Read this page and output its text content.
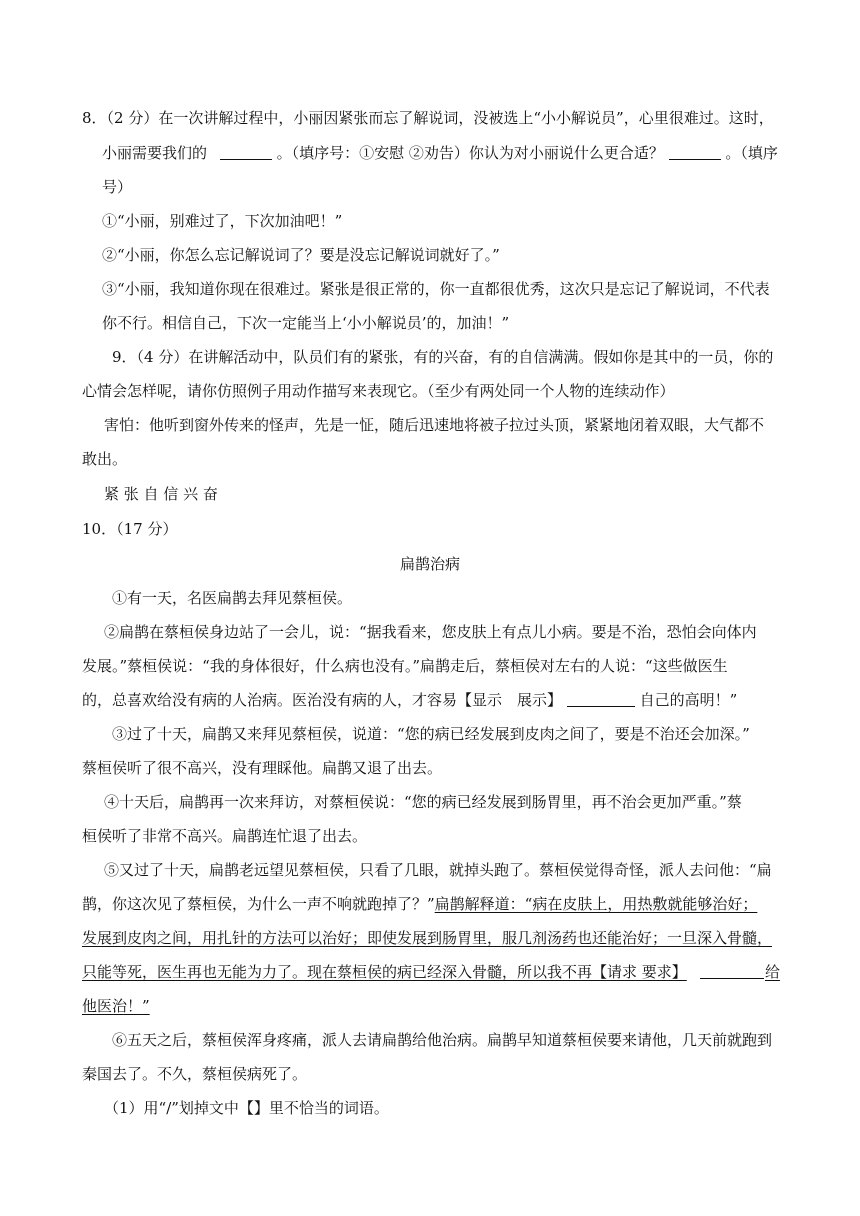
8．（2 分）在一次讲解过程中，小丽因紧张而忘了解说词，没被选上“小小解说员”，心里很难过。这时，
小丽需要我们的	。（填序号：①安慰 ②劝告）你认为对小丽说什么更合适？	。（填序
号）
①“小丽，别难过了，下次加油吧！”
②“小丽，你怎么忘记解说词了？要是没忘记解说词就好了。”
③“小丽，我知道你现在很难过。紧张是很正常的，你一直都很优秀，这次只是忘记了解说词，不代表
你不行。相信自己，下次一定能当上‘小小解说员’的，加油！”
9．（4 分）在讲解活动中，队员们有的紧张，有的兴奋，有的自信满满。假如你是其中的一员，你的
心情会怎样呢，请你仿照例子用动作描写来表现它。（至少有两处同一个人物的连续动作）
害怕：他听到窗外传来的怪声，先是一怔，随后迅速地将被子拉过头顶，紧紧地闭着双眼，大气都不
敢出。
紧 张 自 信 兴 奋
10．（17 分）
扁鹊治病
①有一天，名医扁鹊去拜见蔡桓侯。
②扁鹊在蔡桓侯身边站了一会儿，说：“据我看来，您皮肤上有点儿小病。要是不治，恐怕会向体内
发展。”蔡桓侯说：“我的身体很好，什么病也没有。”扁鹊走后，蔡桓侯对左右的人说：“这些做医生
的，总喜欢给没有病的人治病。医治没有病的人，才容易【显示　展示】	自己的高明！”
③过了十天，扁鹊又来拜见蔡桓侯，说道：“您的病已经发展到皮肉之间了，要是不治还会加深。”
蔡桓侯听了很不高兴，没有理睬他。扁鹊又退了出去。
④十天后，扁鹊再一次来拜访，对蔡桓侯说：“您的病已经发展到肠胃里，再不治会更加严重。”蔡
桓侯听了非常不高兴。扁鹊连忙退了出去。
⑤又过了十天，扁鹊老远望见蔡桓侯，只看了几眼，就掉头跑了。蔡桓侯觉得奇怪，派人去问他：“扁
鹊，你这次见了蔡桓侯，为什么一声不响就跑掉了？”扁鹊解释道：“病在皮肤上，用热敷就能够治好；
发展到皮肉之间，用扎针的方法可以治好；即使发展到肠胃里，服几剂汤药也还能治好；一旦深入骨髓，
只能等死，医生再也无能为力了。现在蔡桓侯的病已经深入骨髓，所以我不再【请求 要求】	给
他医治！”
⑥五天之后，蔡桓侯浑身疼痛，派人去请扁鹊给他治病。扁鹊早知道蔡桓侯要来请他，几天前就跑到
秦国去了。不久，蔡桓侯病死了。
（1）用“/”划掉文中【】里不恰当的词语。
